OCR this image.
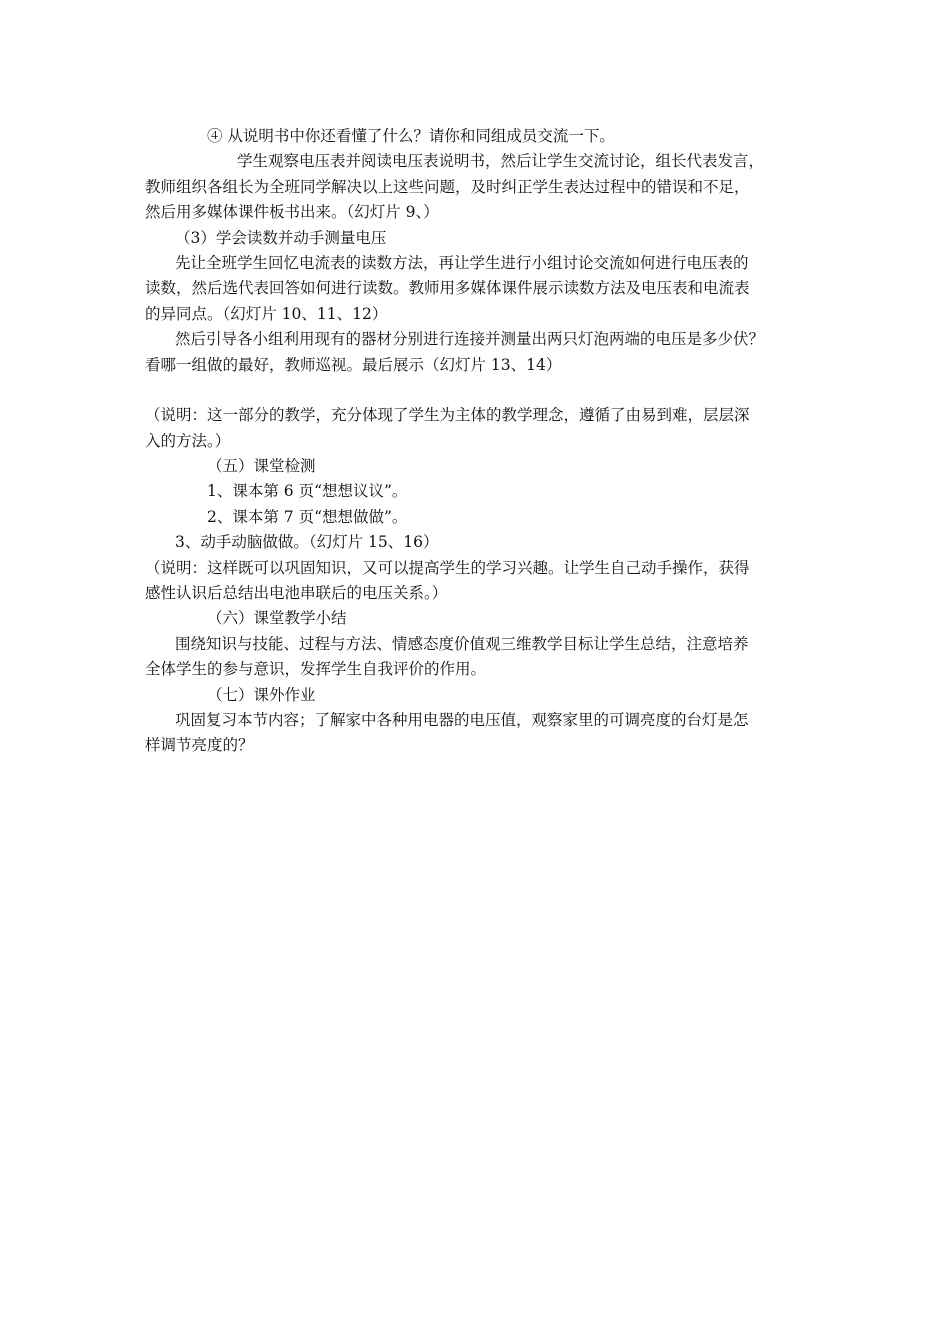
④ 从说明书中你还看懂了什么？请你和同组成员交流一下。

学生观察电压表并阅读电压表说明书，然后让学生交流讨论，组长代表发言，

教师组织各组长为全班同学解决以上这些问题，及时纠正学生表达过程中的错误和不足，

然后用多媒体课件板书出来。（幻灯片 9、）

（3）学会读数并动手测量电压

先让全班学生回忆电流表的读数方法，再让学生进行小组讨论交流如何进行电压表的

读数，然后选代表回答如何进行读数。教师用多媒体课件展示读数方法及电压表和电流表

的异同点。（幻灯片 10、11、12）

然后引导各小组利用现有的器材分别进行连接并测量出两只灯泡两端的电压是多少伏？

看哪一组做的最好，教师巡视。最后展示（幻灯片 13、14）

（说明：这一部分的教学，充分体现了学生为主体的教学理念，遵循了由易到难，层层深

入的方法。）

（五）课堂检测

1、课本第 6 页“想想议议”。

2、课本第 7 页“想想做做”。

3、动手动脑做做。（幻灯片 15、16）

（说明：这样既可以巩固知识，又可以提高学生的学习兴趣。让学生自己动手操作，获得

感性认识后总结出电池串联后的电压关系。）

（六）课堂教学小结

围绕知识与技能、过程与方法、情感态度价值观三维教学目标让学生总结，注意培养

全体学生的参与意识，发挥学生自我评价的作用。

（七）课外作业

巩固复习本节内容；了解家中各种用电器的电压值，观察家里的可调亮度的台灯是怎

样调节亮度的？
